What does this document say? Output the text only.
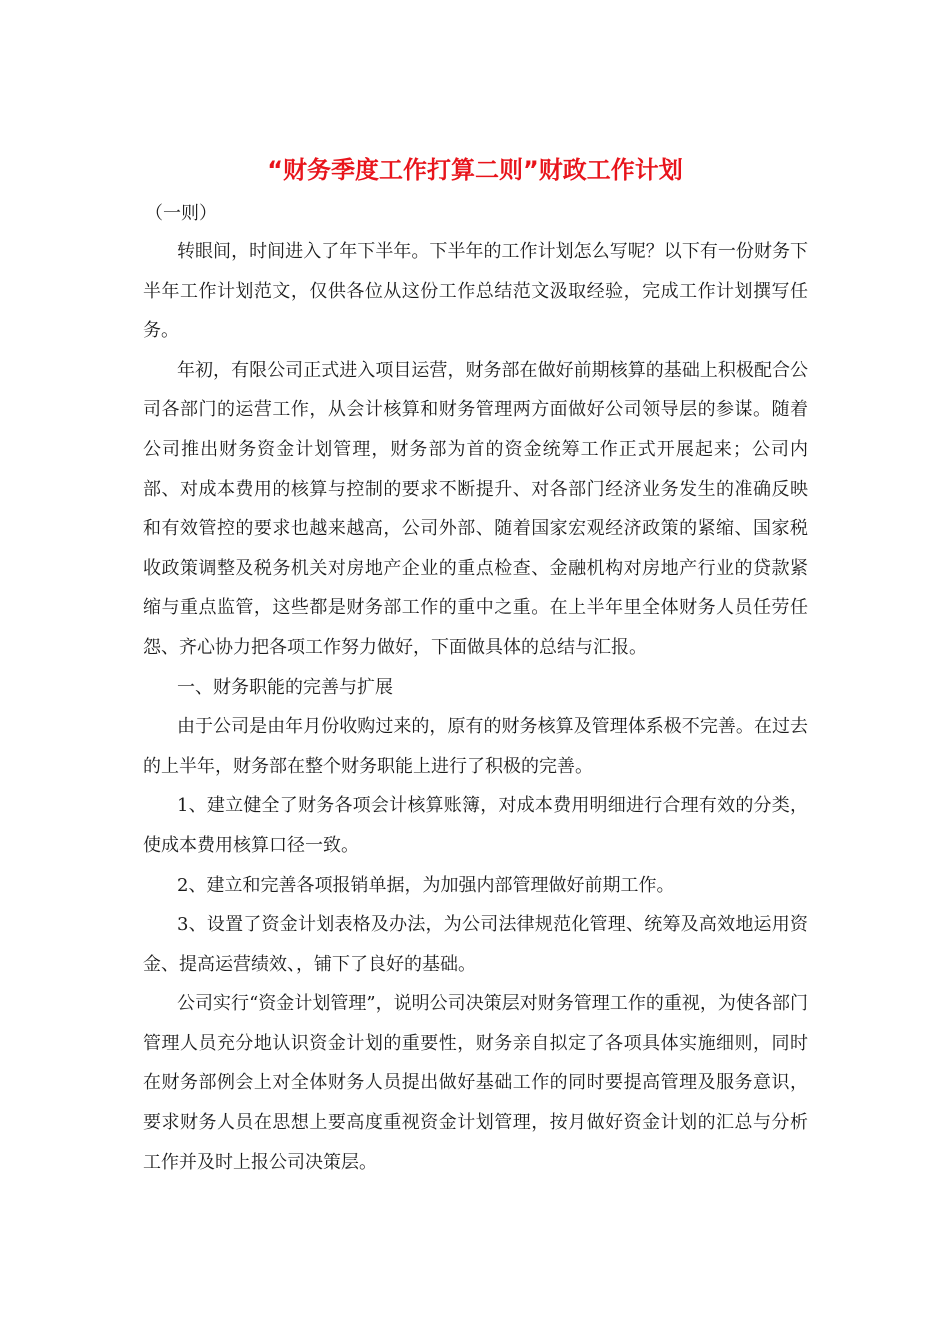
“财务季度工作打算二则”财政工作计划

（一则）

转眼间，时间进入了年下半年。下半年的工作计划怎么写呢？以下有一份财务下半年工作计划范文，仅供各位从这份工作总结范文汲取经验，完成工作计划撰写任务。

年初，有限公司正式进入项目运营，财务部在做好前期核算的基础上积极配合公司各部门的运营工作，从会计核算和财务管理两方面做好公司领导层的参谋。随着公司推出财务资金计划管理，财务部为首的资金统筹工作正式开展起来；公司内部、对成本费用的核算与控制的要求不断提升、对各部门经济业务发生的准确反映和有效管控的要求也越来越高，公司外部、随着国家宏观经济政策的紧缩、国家税收政策调整及税务机关对房地产企业的重点检查、金融机构对房地产行业的贷款紧缩与重点监管，这些都是财务部工作的重中之重。在上半年里全体财务人员任劳任怨、齐心协力把各项工作努力做好，下面做具体的总结与汇报。

一、财务职能的完善与扩展

由于公司是由年月份收购过来的，原有的财务核算及管理体系极不完善。在过去的上半年，财务部在整个财务职能上进行了积极的完善。

1、建立健全了财务各项会计核算账簿，对成本费用明细进行合理有效的分类，使成本费用核算口径一致。

2、建立和完善各项报销单据，为加强内部管理做好前期工作。

3、设置了资金计划表格及办法，为公司法律规范化管理、统筹及高效地运用资金、提高运营绩效、，铺下了良好的基础。

公司实行“资金计划管理”，说明公司决策层对财务管理工作的重视，为使各部门管理人员充分地认识资金计划的重要性，财务亲自拟定了各项具体实施细则，同时在财务部例会上对全体财务人员提出做好基础工作的同时要提高管理及服务意识，要求财务人员在思想上要高度重视资金计划管理，按月做好资金计划的汇总与分析工作并及时上报公司决策层。
